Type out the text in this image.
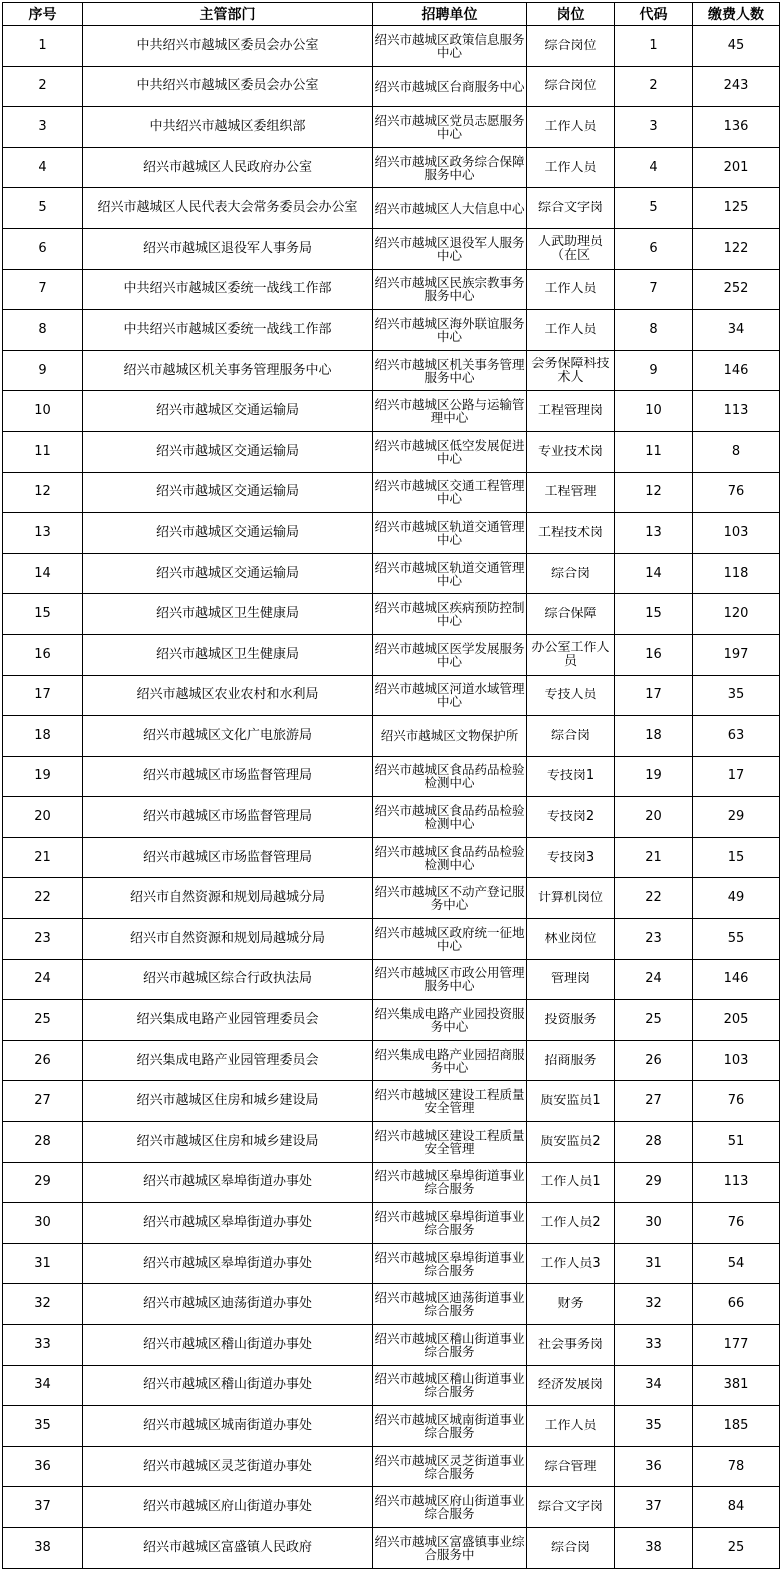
序号	主管部门	招聘单位	岗位	代码	缴费人数
1	中共绍兴市越城区委员会办公室	绍兴市越城区政策信息服务中心	综合岗位	1	45
2	中共绍兴市越城区委员会办公室	绍兴市越城区台商服务中心	综合岗位	2	243
3	中共绍兴市越城区委组织部	绍兴市越城区党员志愿服务中心	工作人员	3	136
4	绍兴市越城区人民政府办公室	绍兴市越城区政务综合保障服务中心	工作人员	4	201
5	绍兴市越城区人民代表大会常务委员会办公室	绍兴市越城区人大信息中心	综合文字岗	5	125
6	绍兴市越城区退役军人事务局	绍兴市越城区退役军人服务中心	人武助理员（在区	6	122
7	中共绍兴市越城区委统一战线工作部	绍兴市越城区民族宗教事务服务中心	工作人员	7	252
8	中共绍兴市越城区委统一战线工作部	绍兴市越城区海外联谊服务中心	工作人员	8	34
9	绍兴市越城区机关事务管理服务中心	绍兴市越城区机关事务管理服务中心	会务保障科技术人	9	146
10	绍兴市越城区交通运输局	绍兴市越城区公路与运输管理中心	工程管理岗	10	113
11	绍兴市越城区交通运输局	绍兴市越城区低空发展促进中心	专业技术岗	11	8
12	绍兴市越城区交通运输局	绍兴市越城区交通工程管理中心	工程管理	12	76
13	绍兴市越城区交通运输局	绍兴市越城区轨道交通管理中心	工程技术岗	13	103
14	绍兴市越城区交通运输局	绍兴市越城区轨道交通管理中心	综合岗	14	118
15	绍兴市越城区卫生健康局	绍兴市越城区疾病预防控制中心	综合保障	15	120
16	绍兴市越城区卫生健康局	绍兴市越城区医学发展服务中心	办公室工作人员	16	197
17	绍兴市越城区农业农村和水利局	绍兴市越城区河道水域管理中心	专技人员	17	35
18	绍兴市越城区文化广电旅游局	绍兴市越城区文物保护所	综合岗	18	63
19	绍兴市越城区市场监督管理局	绍兴市越城区食品药品检验检测中心	专技岗1	19	17
20	绍兴市越城区市场监督管理局	绍兴市越城区食品药品检验检测中心	专技岗2	20	29
21	绍兴市越城区市场监督管理局	绍兴市越城区食品药品检验检测中心	专技岗3	21	15
22	绍兴市自然资源和规划局越城分局	绍兴市越城区不动产登记服务中心	计算机岗位	22	49
23	绍兴市自然资源和规划局越城分局	绍兴市越城区政府统一征地中心	林业岗位	23	55
24	绍兴市越城区综合行政执法局	绍兴市越城区市政公用管理服务中心	管理岗	24	146
25	绍兴集成电路产业园管理委员会	绍兴集成电路产业园投资服务中心	投资服务	25	205
26	绍兴集成电路产业园管理委员会	绍兴集成电路产业园招商服务中心	招商服务	26	103
27	绍兴市越城区住房和城乡建设局	绍兴市越城区建设工程质量安全管理	质安监员1	27	76
28	绍兴市越城区住房和城乡建设局	绍兴市越城区建设工程质量安全管理	质安监员2	28	51
29	绍兴市越城区皋埠街道办事处	绍兴市越城区皋埠街道事业综合服务	工作人员1	29	113
30	绍兴市越城区皋埠街道办事处	绍兴市越城区皋埠街道事业综合服务	工作人员2	30	76
31	绍兴市越城区皋埠街道办事处	绍兴市越城区皋埠街道事业综合服务	工作人员3	31	54
32	绍兴市越城区迪荡街道办事处	绍兴市越城区迪荡街道事业综合服务	财务	32	66
33	绍兴市越城区稽山街道办事处	绍兴市越城区稽山街道事业综合服务	社会事务岗	33	177
34	绍兴市越城区稽山街道办事处	绍兴市越城区稽山街道事业综合服务	经济发展岗	34	381
35	绍兴市越城区城南街道办事处	绍兴市越城区城南街道事业综合服务	工作人员	35	185
36	绍兴市越城区灵芝街道办事处	绍兴市越城区灵芝街道事业综合服务	综合管理	36	78
37	绍兴市越城区府山街道办事处	绍兴市越城区府山街道事业综合服务	综合文字岗	37	84
38	绍兴市越城区富盛镇人民政府	绍兴市越城区富盛镇事业综合服务中	综合岗	38	25
